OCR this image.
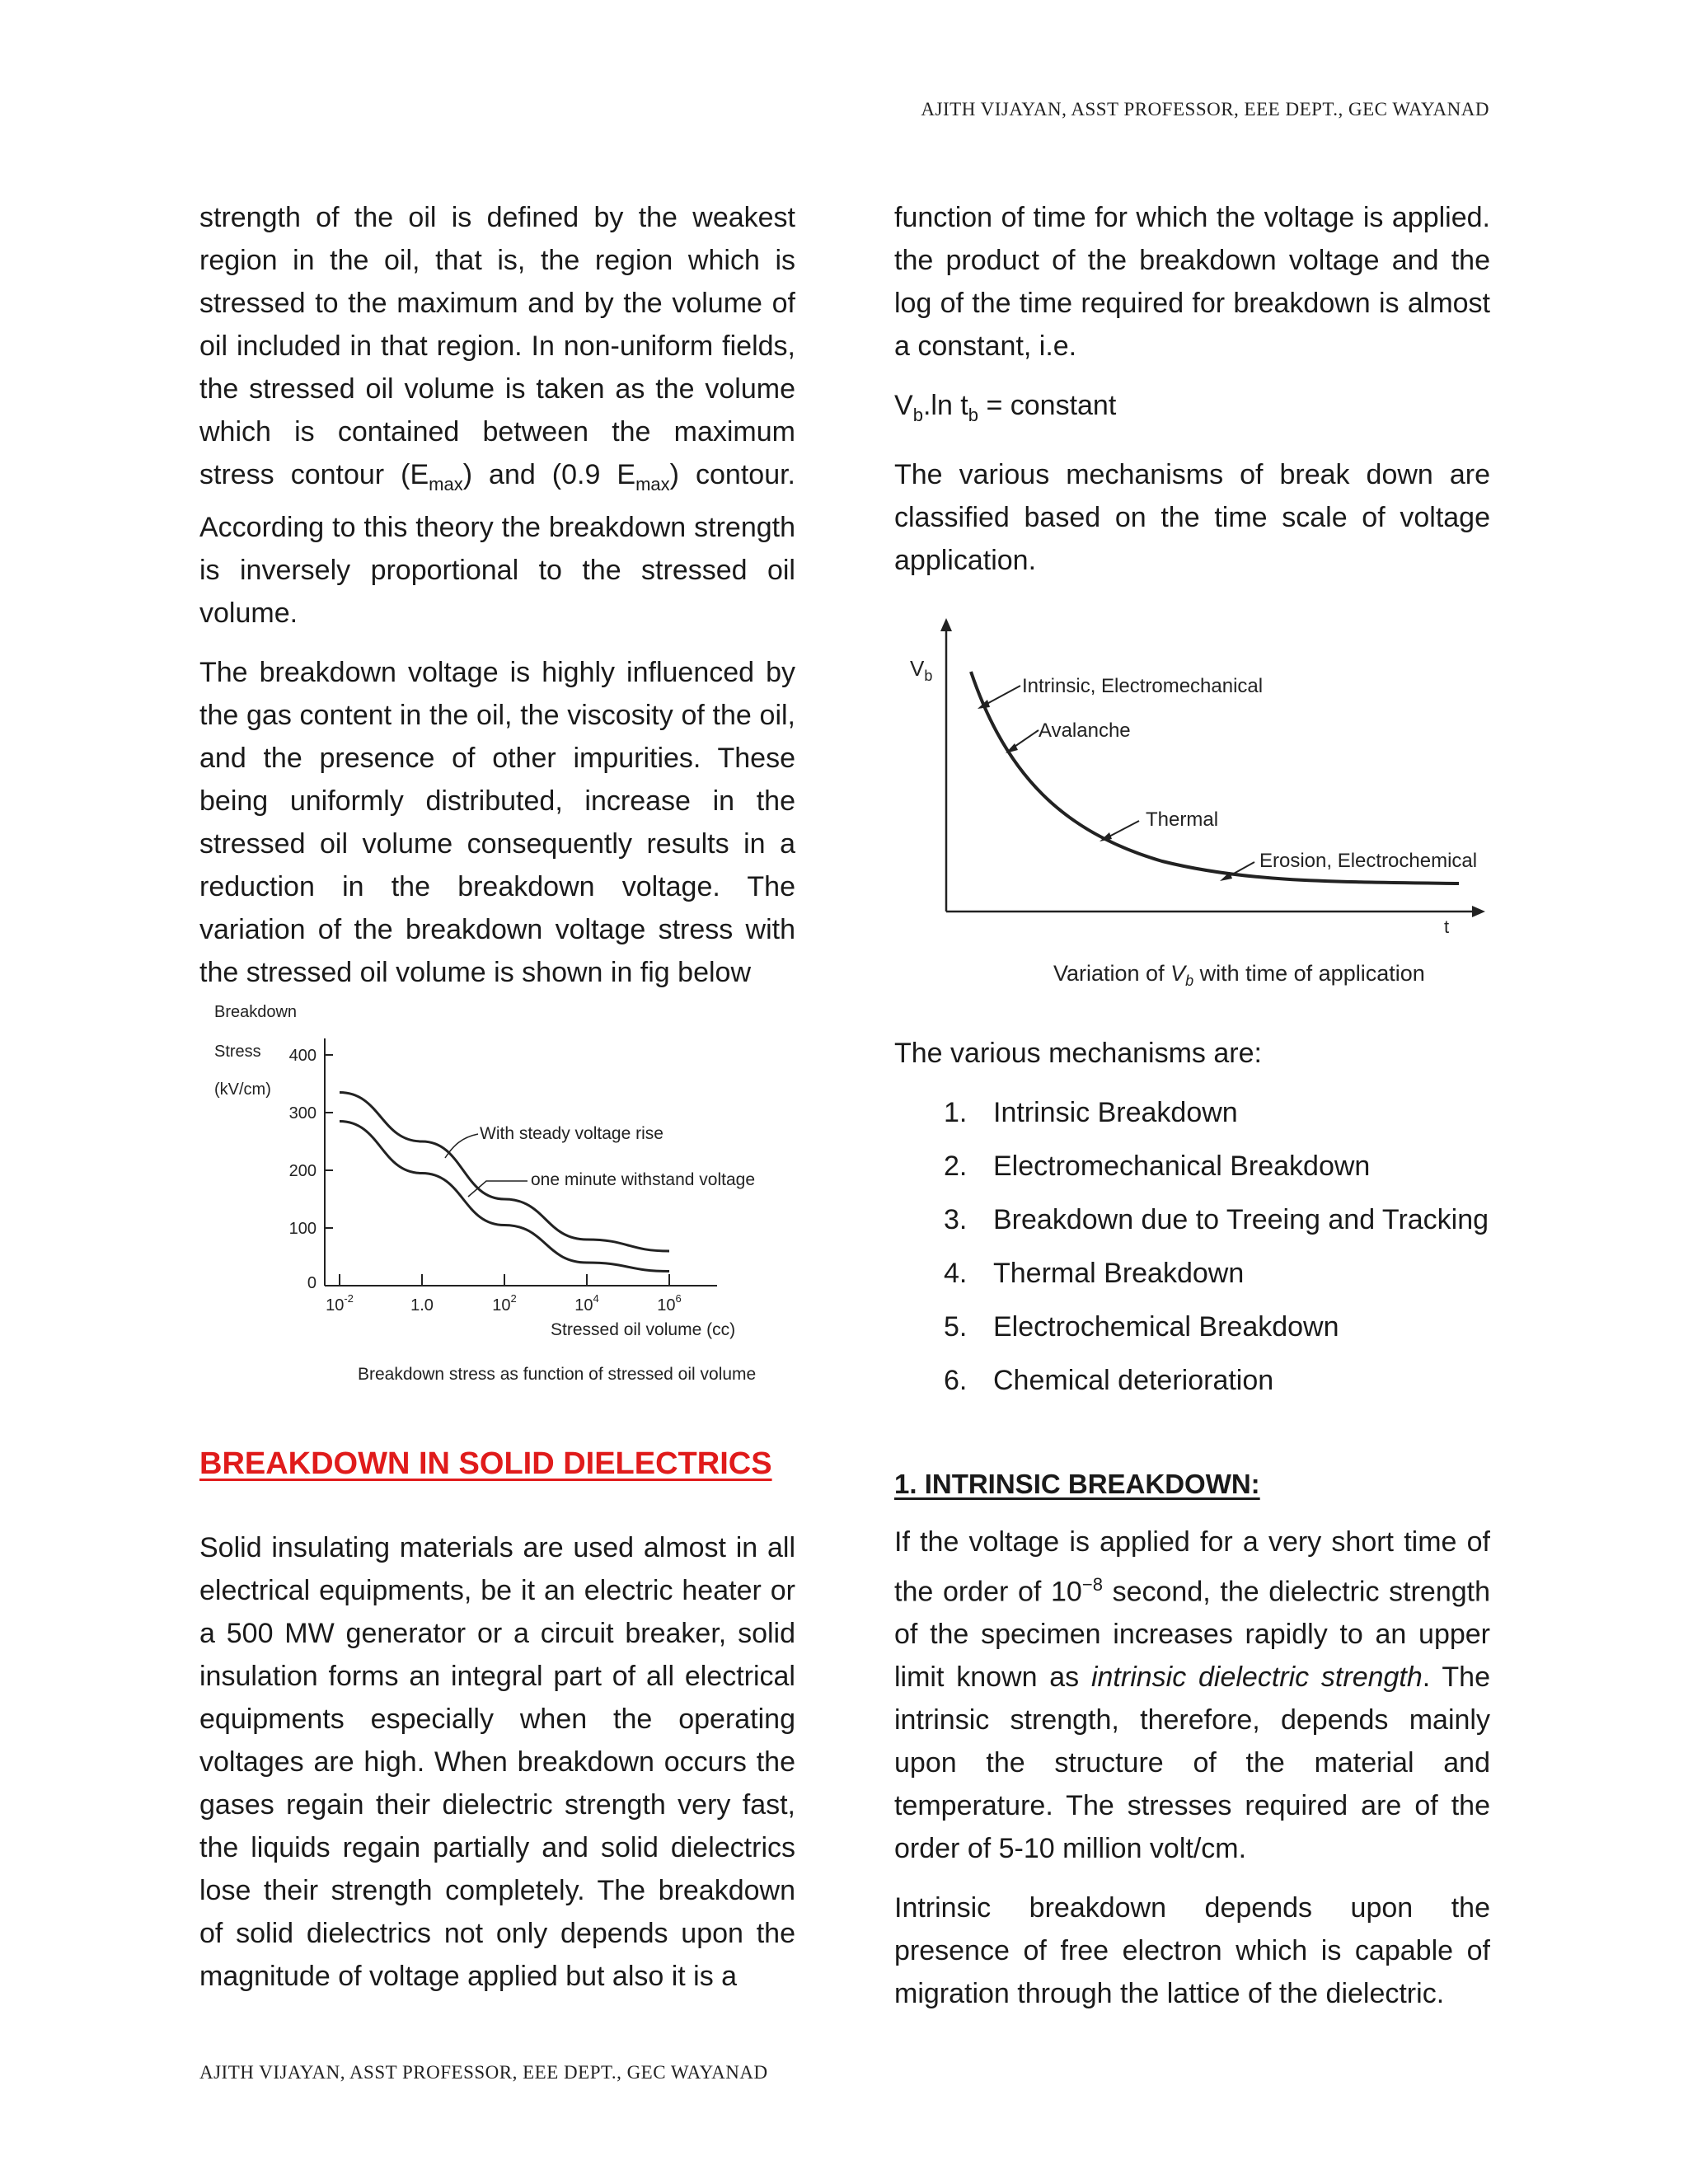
AJITH VIJAYAN, ASST PROFESSOR, EEE DEPT., GEC WAYANAD

strength of the oil is defined by the weakest region in the oil, that is, the region which is stressed to the maximum and by the volume of oil included in that region. In non-uniform fields, the stressed oil volume is taken as the volume which is contained between the maximum stress contour $(E_{max})$ and (0.9 $E_{max}$) contour. According to this theory the breakdown strength is inversely proportional to the stressed oil volume.

The breakdown voltage is highly influenced by the gas content in the oil, the viscosity of the oil, and the presence of other impurities. These being uniformly distributed, increase in the stressed oil volume consequently results in a reduction in the breakdown voltage. The variation of the breakdown voltage stress with the stressed oil volume is shown in fig below

Breakdown
Stress
(kV/cm)
400
300
200
100
0
$10^{-2}$	1.0	$10^2$	$10^4$	$10^6$
With steady voltage rise
one minute withstand voltage
Stressed oil volume (cc)
Breakdown stress as function of stressed oil volume
BREAKDOWN IN SOLID DIELECTRICS

Solid insulating materials are used almost in all electrical equipments, be it an electric heater or a 500 MW generator or a circuit breaker, solid insulation forms an integral part of all electrical equipments especially when the operating voltages are high. When breakdown occurs the gases regain their dielectric strength very fast, the liquids regain partially and solid dielectrics lose their strength completely. The breakdown of solid dielectrics not only depends upon the magnitude of voltage applied but also it is a

function of time for which the voltage is applied. the product of the breakdown voltage and the log of the time required for breakdown is almost a constant, i.e.

$V_b.\ln$ $t_b$ = constant

The various mechanisms of break down are classified based on the time scale of voltage application.

$V_b$
t
Intrinsic, Electromechanical
Avalanche
Thermal
Erosion, Electrochemical
Variation of $V_b$ with time of application

The various mechanisms are:

1. Intrinsic Breakdown
2. Electromechanical Breakdown
3. Breakdown due to Treeing and Tracking
4. Thermal Breakdown
5. Electrochemical Breakdown
6. Chemical deterioration
1. INTRINSIC BREAKDOWN:

If the voltage is applied for a very short time of the order of $10^{-8}$ second, the dielectric strength of the specimen increases rapidly to an upper limit known as intrinsic dielectric strength. The intrinsic strength, therefore, depends mainly upon the structure of the material and temperature. The stresses required are of the order of 5-10 million volt/cm.

Intrinsic breakdown depends upon the presence of free electron which is capable of migration through the lattice of the dielectric.

AJITH VIJAYAN, ASST PROFESSOR, EEE DEPT., GEC WAYANAD
